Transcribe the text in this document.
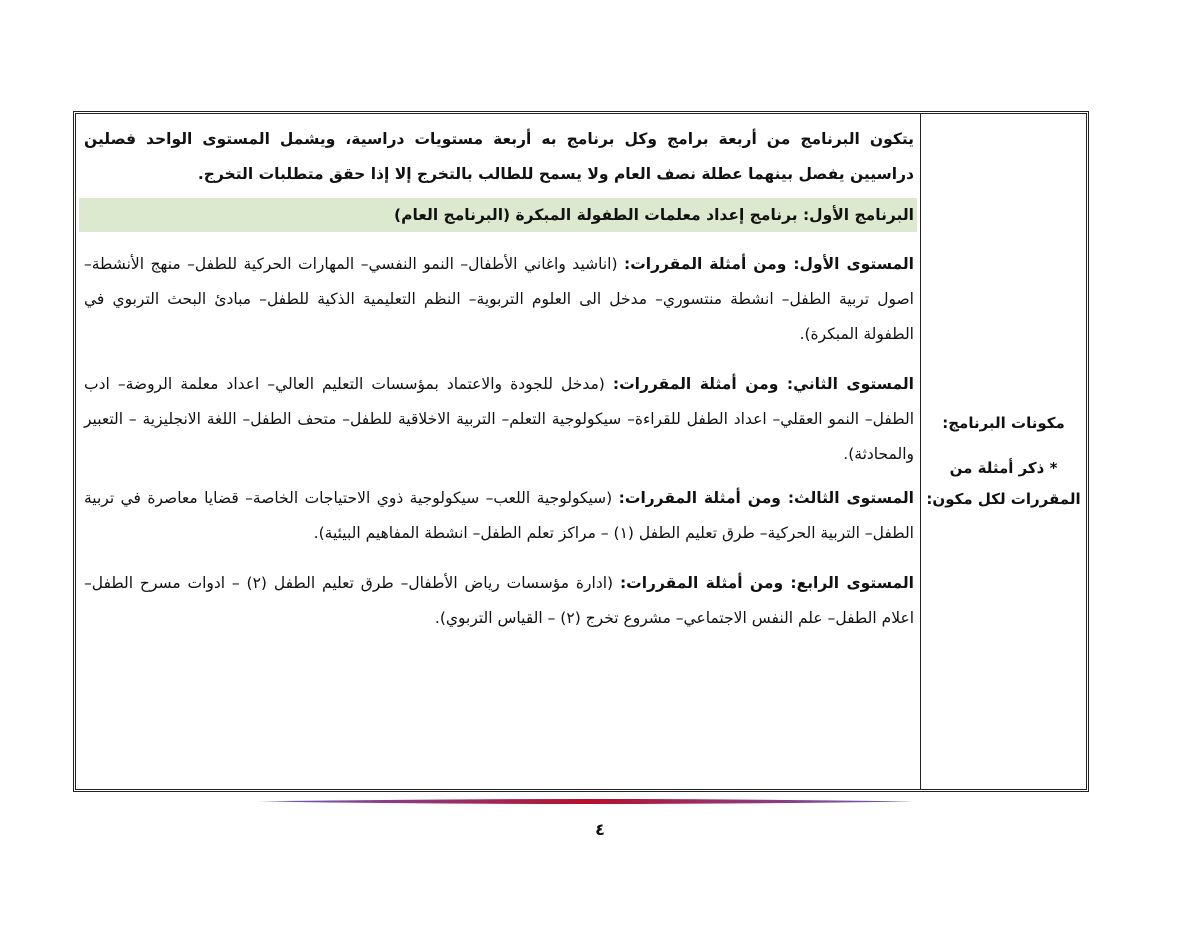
مكونات البرنامج:
* ذكر أمثلة من
المقررات لكل مكون:

يتكون البرنامج من أربعة برامج وكل برنامج به أربعة مستويات دراسية، ويشمل المستوى الواحد فصلين دراسيين يفصل بينهما عطلة نصف العام ولا يسمح للطالب بالتخرج إلا إذا حقق متطلبات التخرج.

البرنامج الأول: برنامج إعداد معلمات الطفولة المبكرة (البرنامج العام)

المستوى الأول: ومن أمثلة المقررات: (اناشيد واغاني الأطفال– النمو النفسي– المهارات الحركية للطفل– منهج الأنشطة– اصول تربية الطفل– انشطة منتسوري– مدخل الى العلوم التربوية– النظم التعليمية الذكية للطفل– مبادئ البحث التربوي في الطفولة المبكرة).

المستوى الثاني: ومن أمثلة المقررات: (مدخل للجودة والاعتماد بمؤسسات التعليم العالي– اعداد معلمة الروضة– ادب الطفل– النمو العقلي– اعداد الطفل للقراءة– سيكولوجية التعلم– التربية الاخلاقية للطفل– متحف الطفل– اللغة الانجليزية – التعبير والمحادثة).

المستوى الثالث: ومن أمثلة المقررات: (سيكولوجية اللعب– سيكولوجية ذوي الاحتياجات الخاصة– قضايا معاصرة في تربية الطفل– التربية الحركية– طرق تعليم الطفل (١) – مراكز تعلم الطفل– انشطة المفاهيم البيئية).

المستوى الرابع: ومن أمثلة المقررات: (ادارة مؤسسات رياض الأطفال– طرق تعليم الطفل (٢) – ادوات مسرح الطفل– اعلام الطفل– علم النفس الاجتماعي– مشروع تخرج (٢) – القياس التربوي).

٤
